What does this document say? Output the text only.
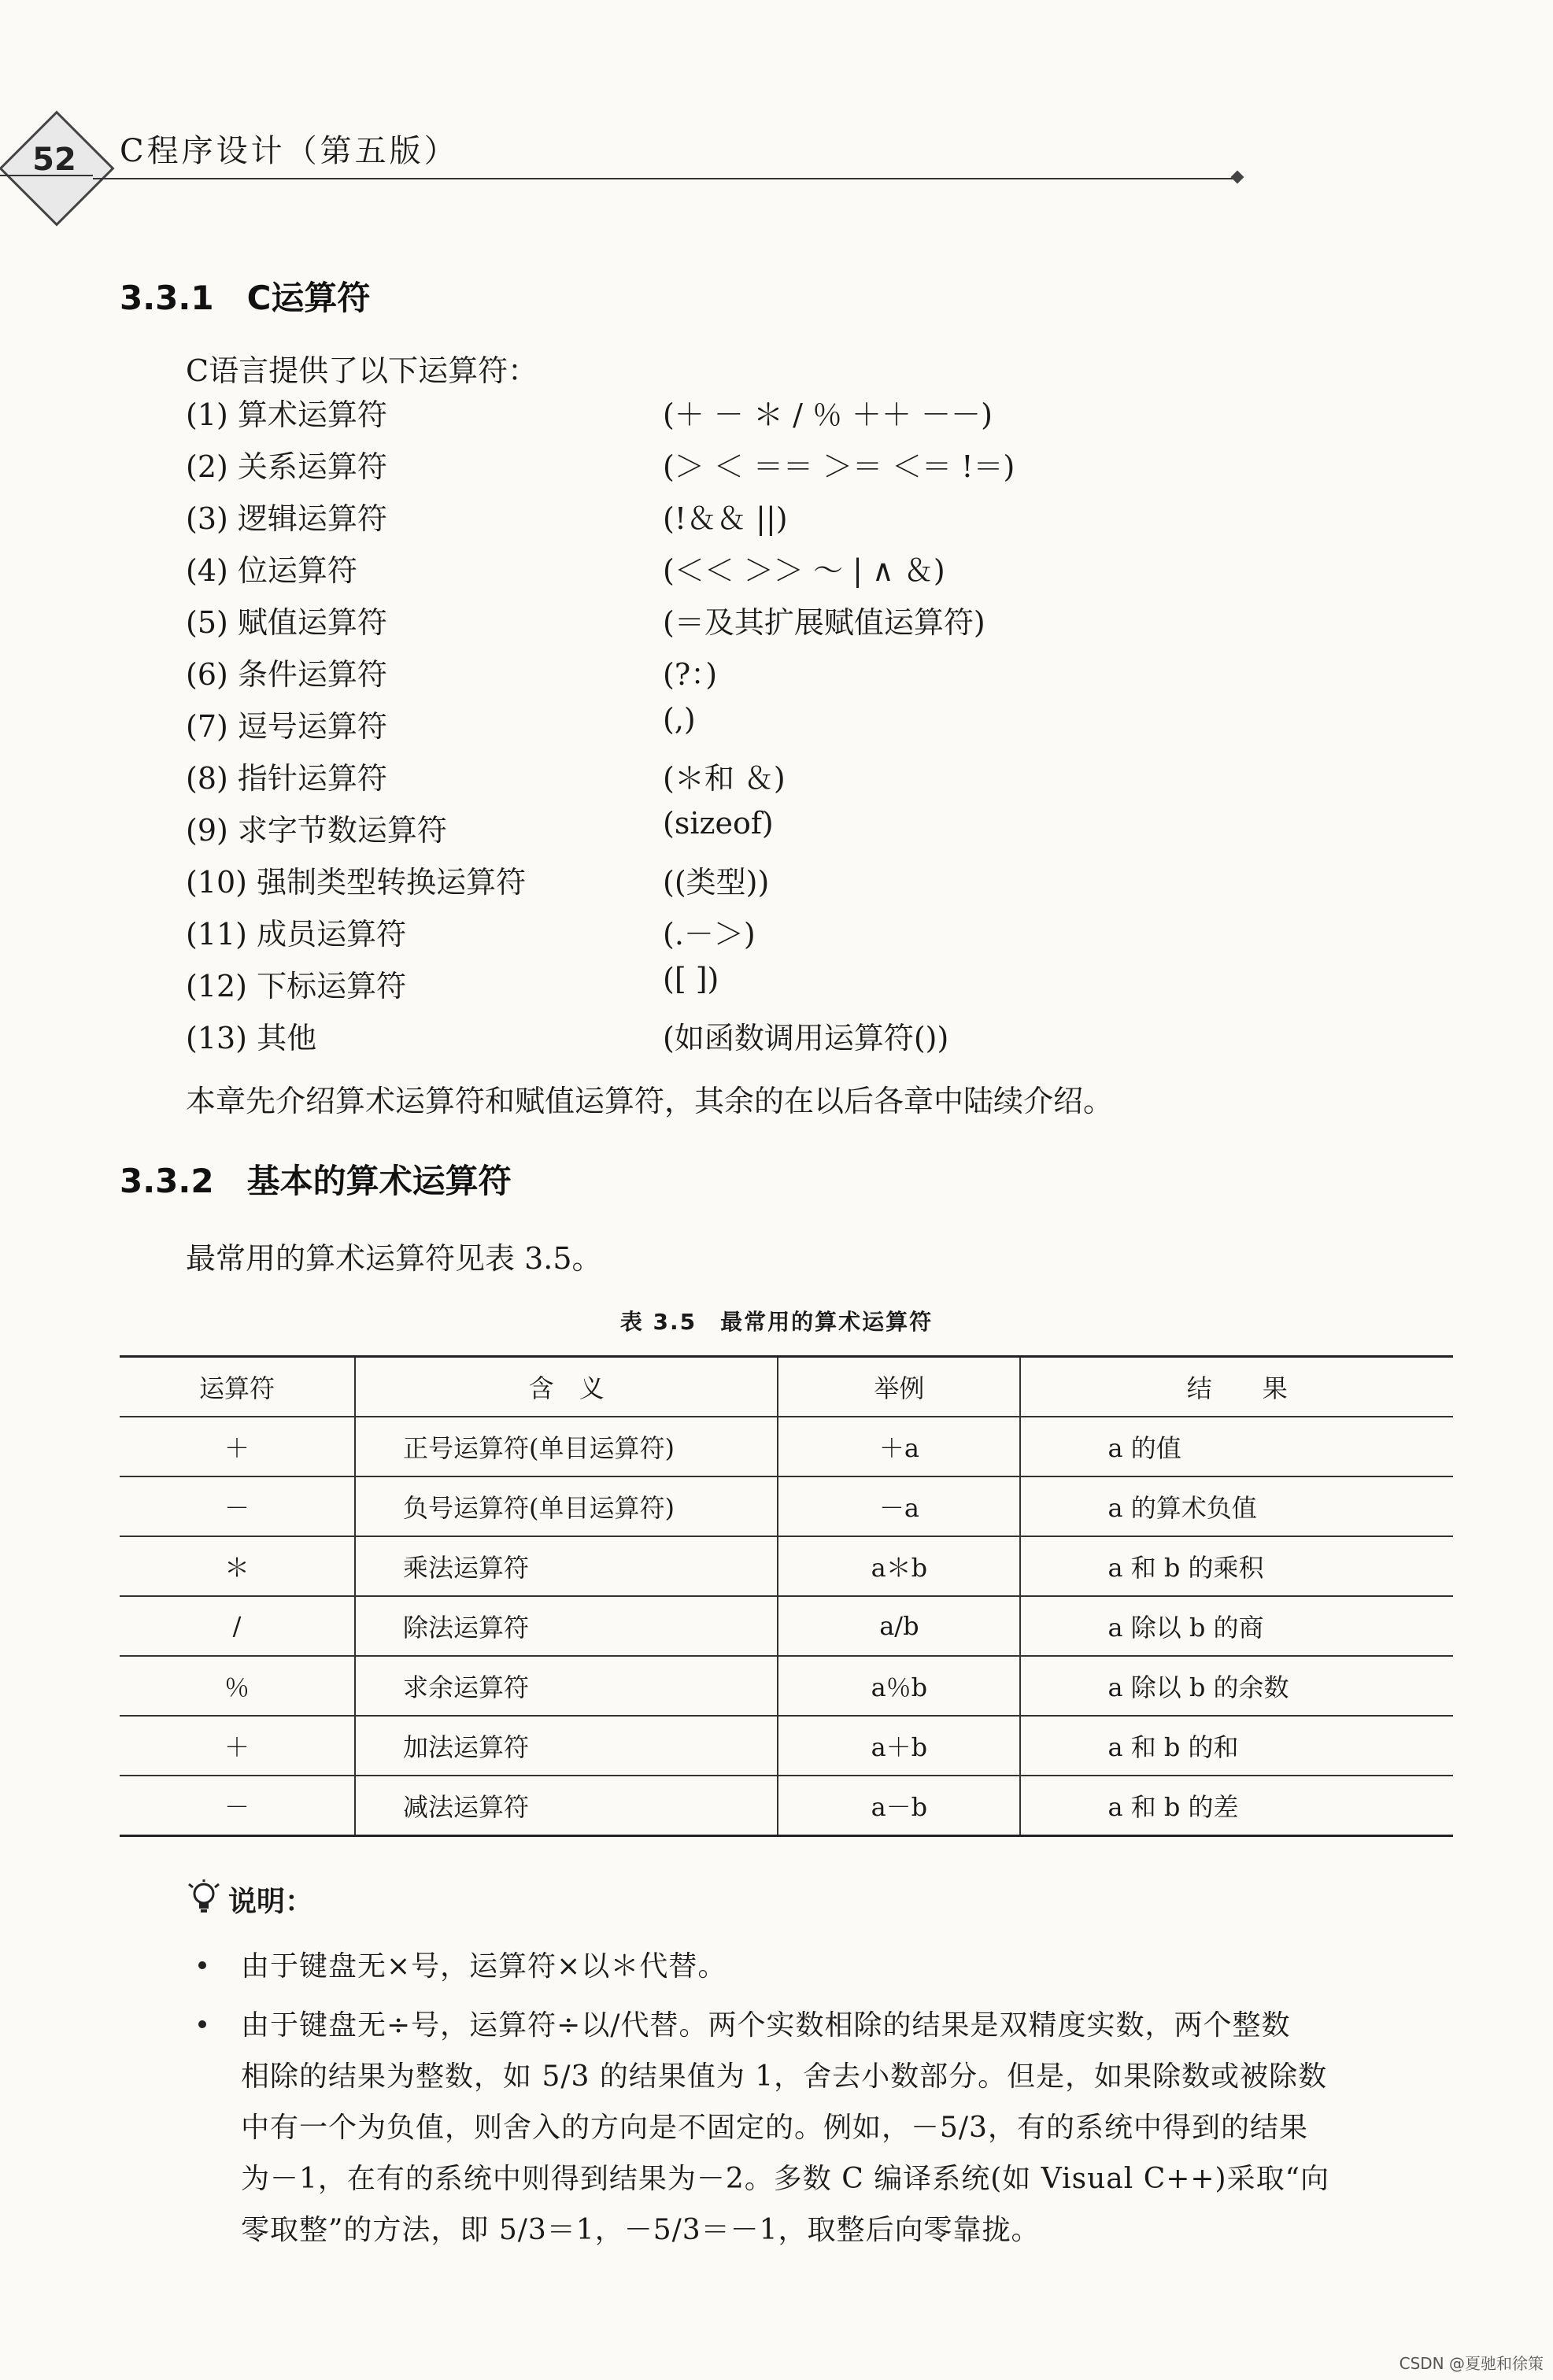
52	C程序设计（第五版）
3.3.1　C运算符
C语言提供了以下运算符：
(1) 算术运算符	(＋ － ＊ / ％ ＋＋ －－)
(2) 关系运算符	(＞ ＜ ＝＝ ＞＝ ＜＝ !＝)
(3) 逻辑运算符	(!＆＆ ||)
(4) 位运算符	(＜＜ ＞＞ ～ | ∧ ＆)
(5) 赋值运算符	(＝及其扩展赋值运算符)
(6) 条件运算符	(?：)
(7) 逗号运算符	(,)
(8) 指针运算符	(＊和 ＆)
(9) 求字节数运算符	(sizeof)
(10) 强制类型转换运算符	((类型))
(11) 成员运算符	(.－＞)
(12) 下标运算符	([ ])
(13) 其他	(如函数调用运算符())
本章先介绍算术运算符和赋值运算符，其余的在以后各章中陆续介绍。
3.3.2　基本的算术运算符
最常用的算术运算符见表 3.5。
表 3.5　最常用的算术运算符
运算符	含　义	举例	结　　果
＋	正号运算符(单目运算符)	＋a	a 的值
－	负号运算符(单目运算符)	－a	a 的算术负值
＊	乘法运算符	a＊b	a 和 b 的乘积
/	除法运算符	a/b	a 除以 b 的商
％	求余运算符	a％b	a 除以 b 的余数
＋	加法运算符	a＋b	a 和 b 的和
－	减法运算符	a－b	a 和 b 的差
说明：
由于键盘无×号，运算符×以＊代替。
由于键盘无÷号，运算符÷以/代替。两个实数相除的结果是双精度实数，两个整数
相除的结果为整数，如 5/3 的结果值为 1，舍去小数部分。但是，如果除数或被除数
中有一个为负值，则舍入的方向是不固定的。例如，－5/3，有的系统中得到的结果
为－1，在有的系统中则得到结果为－2。多数 C 编译系统(如 Visual C++)采取“向
零取整”的方法，即 5/3＝1，－5/3＝－1，取整后向零靠拢。
CSDN @夏驰和徐策
